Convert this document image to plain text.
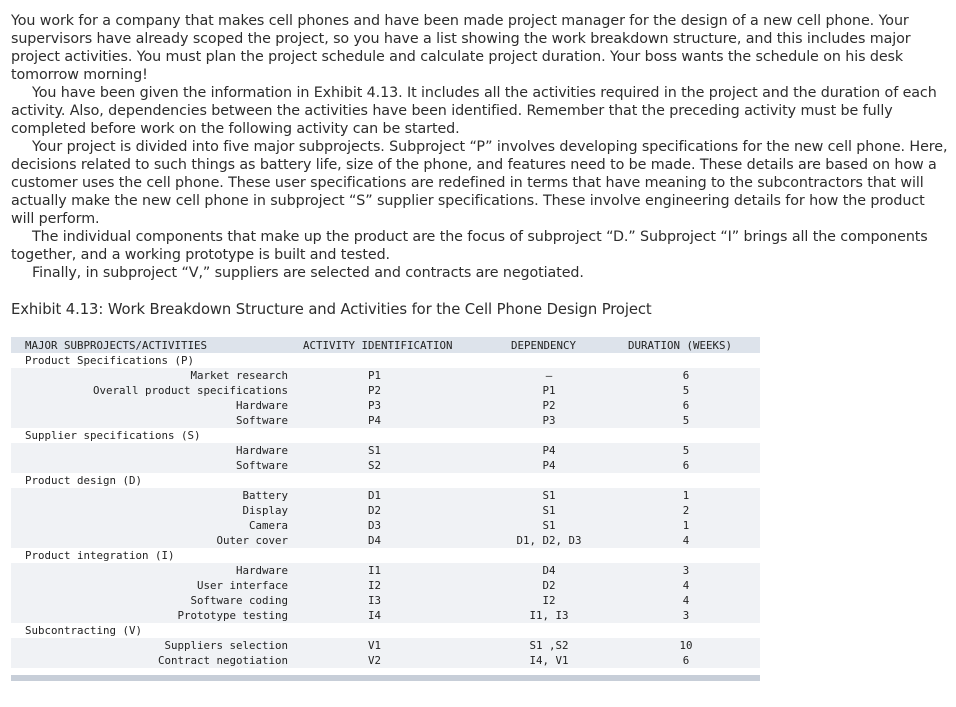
You work for a company that makes cell phones and have been made project manager for the design of a new cell phone. Your supervisors have already scoped the project, so you have a list showing the work breakdown structure, and this includes major project activities. You must plan the project schedule and calculate project duration. Your boss wants the schedule on his desk tomorrow morning!

You have been given the information in Exhibit 4.13. It includes all the activities required in the project and the duration of each activity. Also, dependencies between the activities have been identified. Remember that the preceding activity must be fully completed before work on the following activity can be started.

Your project is divided into five major subprojects. Subproject “P” involves developing specifications for the new cell phone. Here, decisions related to such things as battery life, size of the phone, and features need to be made. These details are based on how a customer uses the cell phone. These user specifications are redefined in terms that have meaning to the subcontractors that will actually make the new cell phone in subproject “S” supplier specifications. These involve engineering details for how the product will perform.

The individual components that make up the product are the focus of subproject “D.” Subproject “I” brings all the components together, and a working prototype is built and tested.

Finally, in subproject “V,” suppliers are selected and contracts are negotiated.

Exhibit 4.13: Work Breakdown Structure and Activities for the Cell Phone Design Project
MAJOR SUBPROJECTS/ACTIVITIES	ACTIVITY IDENTIFICATION	DEPENDENCY	DURATION (WEEKS)
Product Specifications (P)
Market research	P1	–	6
Overall product specifications	P2	P1	5
Hardware	P3	P2	6
Software	P4	P3	5
Supplier specifications (S)
Hardware	S1	P4	5
Software	S2	P4	6
Product design (D)
Battery	D1	S1	1
Display	D2	S1	2
Camera	D3	S1	1
Outer cover	D4	D1, D2, D3	4
Product integration (I)
Hardware	I1	D4	3
User interface	I2	D2	4
Software coding	I3	I2	4
Prototype testing	I4	I1, I3	3
Subcontracting (V)
Suppliers selection	V1	S1 ,S2	10
Contract negotiation	V2	I4, V1	6
